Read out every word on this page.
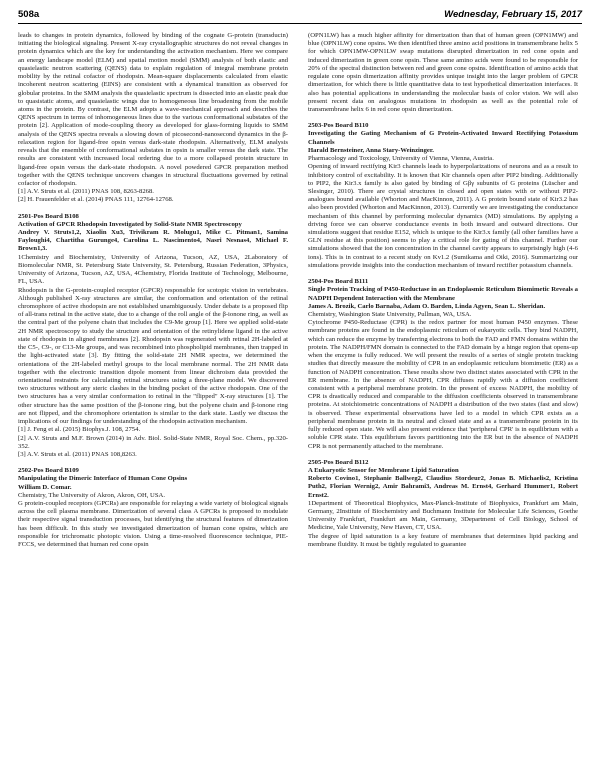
508a	Wednesday, February 15, 2017

leads to changes in protein dynamics, followed by binding of the cognate G-protein (transducin) initiating the biological signaling. Present X-ray crystallographic structures do not reveal changes in protein dynamics which are the key for understanding the activation mechanism. Here we compare an energy landscape model (ELM) and spatial motion model (SMM) analysis of both elastic and quasielastic neutron scattering (QENS) data to explain regulation of integral membrane protein mobility by the retinal cofactor of rhodopsin. Mean-square displacements calculated from elastic incoherent neutron scattering (EINS) are consistent with a dynamical transition as observed for globular proteins. In the SMM analysis the quasielastic spectrum is dissected into an elastic peak due to quasistatic atoms, and quasielastic wings due to homogeneous line broadening from the mobile atoms in the protein. By contrast, the ELM adopts a wave-mechanical approach and describes the QENS spectrum in terms of inhomogeneous lines due to the various conformational substates of the protein [2]. Application of mode-coupling theory as developed for glass-forming liquids to SMM analysis of the QENS spectra reveals a slowing down of picosecond-nanosecond dynamics in the β-relaxation region for ligand-free opsin versus dark-state rhodopsin. Alternatively, ELM analysis reveals that the ensemble of conformational substates in opsin is smaller versus the dark state. The results are consistent with increased local ordering due to a more collapsed protein structure in ligand-free opsin versus the dark-state rhodopsin. A novel powdered GPCR preparation method together with the QENS technique uncovers changes in structural fluctuations governed by retinal cofactor of rhodopsin.

[1] A.V. Struts et al. (2011) PNAS 108, 8263-8268.

[2] H. Frauenfelder et al. (2014) PNAS 111, 12764-12768.

2501-Pos Board B108

Activation of GPCR Rhodopsin Investigated by Solid-State NMR Spectroscopy

Andrey V. Struts1,2, Xiaolin Xu3, Trivikram R. Molugu1, Mike C. Pitman1, Samina Fayloughi4, Chartitha Gurunge4, Carolina L. Nascimento4, Nasri Nesnas4, Michael F. Brown1,3.

1Chemistry and Biochemistry, University of Arizona, Tucson, AZ, USA, 2Laboratory of Biomolecular NMR, St. Petersburg State University, St. Petersburg, Russian Federation, 3Physics, University of Arizona, Tucson, AZ, USA, 4Chemistry, Florida Institute of Technology, Melbourne, FL, USA.

Rhodopsin is the G-protein-coupled receptor (GPCR) responsible for scotopic vision in vertebrates. Although published X-ray structures are similar, the conformation and orientation of the retinal chromophore of active rhodopsin are not established unambiguously. Under debate is a proposed flip of all-trans retinal in the active state, due to a change of the roll angle of the β-ionone ring, as well as the central part of the polyene chain that includes the C9-Me group [1]. Here we applied solid-state 2H NMR spectroscopy to study the structure and orientation of the retinylidene ligand in the active state of rhodopsin in aligned membranes [2]. Rhodopsin was regenerated with retinal 2H-labeled at the C5-, C9-, or C13-Me groups, and was recombined into phospholipid membranes, then trapped in the light-activated state [3]. By fitting the solid-state 2H NMR spectra, we determined the orientations of the 2H-labeled methyl groups to the local membrane normal. The 2H NMR data together with the electronic transition dipole moment from linear dichroism data provided the orientational restraints for calculating retinal structures using a three-plane model. We discovered two structures without any steric clashes in the binding pocket of the active rhodopsin. One of the two structures has a very similar conformation to retinal in the "flipped" X-ray structures [1]. The other structure has the same position of the β-ionone ring, but the polyene chain and β-ionone ring are not flipped, and the chromophore orientation is similar to the dark state. Lastly we discuss the implications of our findings for understanding of the rhodopsin activation mechanism.

[1] J. Feng et al. (2015) Biophys.J. 108, 2754.

[2] A.V. Struts and M.F. Brown (2014) in Adv. Biol. Solid-State NMR, Royal Soc. Chem., pp.320-352.

[3] A.V. Struts et al. (2011) PNAS 108,8263.

2502-Pos Board B109

Manipulating the Dimeric Interface of Human Cone Opsins

William D. Comar.

Chemistry, The University of Akron, Akron, OH, USA.

G protein-coupled receptors (GPCRs) are responsible for relaying a wide variety of biological signals across the cell plasma membrane. Dimerization of several class A GPCRs is proposed to modulate their respective signal transduction processes, but identifying the structural features of dimerization has been difficult. In this study we investigated dimerization of human cone opsins, which are responsible for trichromatic photopic vision. Using a time-resolved fluorescence technique, PIE-FCCS, we determined that human red cone opsin

(OPN1LW) has a much higher affinity for dimerization than that of human green (OPN1MW) and blue (OPN1LW) cone opsins. We then identified three amino acid positions in transmembrane helix 5 for which OPN1MW-OPN1LW swap mutations disrupted dimerization in red cone opsin and induced dimerization in green cone opsin. These same amino acids were found to be responsible for 20% of the spectral distinction between red and green cone opsins. Identification of amino acids that regulate cone opsin dimerization affinity provides unique insight into the larger problem of GPCR dimerization, for which there is little quantitative data to test hypothetical dimerization interfaces. It also has potential applications in understanding the molecular basis of color vision. We will also present recent data on analogous mutations in rhodopsin as well as the potential role of transmembrane helix 6 in red cone opsin dimerization.

2503-Pos Board B110

Investigating the Gating Mechanism of G Protein-Activated Inward Rectifying Potassium Channels

Harald Bernsteiner, Anna Stary-Weinzinger.

Pharmacology and Toxicology, University of Vienna, Vienna, Austria.

Opening of inward rectifying Kir3 channels leads to hyperpolarizations of neurons and as a result to inhibitory control of excitability. It is known that Kir channels open after PIP2 binding. Additionally to PIP2, the Kir3.x family is also gated by binding of Gβγ subunits of G proteins (Lüscher and Slesinger, 2010). There are crystal structures in closed and open states with or without PIP2-analogues bound available (Whorton and MacKinnon, 2011). A G protein bound state of Kir3.2 has also been provided (Whorton and MacKinnon, 2013). Currently we are investigating the conductance mechanism of this channel by performing molecular dynamics (MD) simulations. By applying a driving force we can observe conductance events in both inward and outward directions. Our simulations suggest that residue E152, which is unique to the Kir3.x family (all other families have a GLN residue at this position) seems to play a critical role for gating of this channel. Further our simulations showed that the ion concentration in the channel cavity appears to surprisingly high (4-6 ions). This is in contrast to a recent study on Kv1.2 (Sumikama and Oiki, 2016). Summarizing our simulations provide insights into the conduction mechanism of inward rectifier potassium channels.

2504-Pos Board B111

Single Protein Tracking of P450-Reductase in an Endoplasmic Reticulum Biomimetic Reveals a NADPH Dependent Interaction with the Membrane

James A. Brozik, Carlo Barnaba, Adam O. Barden, Linda Agyen, Sean L. Sheridan.

Chemistry, Washington State University, Pullman, WA, USA.

Cytochrome P450-Reductase (CPR) is the redox partner for most human P450 enzymes. These membrane proteins are found in the endoplasmic reticulum of eukaryotic cells. They bind NADPH, which can reduce the enzyme by transferring electrons to both the FAD and FMN domains within the protein. The NADPH/FMN domain is connected to the FAD domain by a hinge region that opens-up when the enzyme is fully reduced. We will present the results of a series of single protein tracking studies that directly measure the mobility of CPR in an endoplasmic reticulum biomimetic (ER) as a function of NADPH concentration. These results show two distinct states associated with CPR in the ER membrane. In the absence of NADPH, CPR diffuses rapidly with a diffusion coefficient consistent with a peripheral membrane protein. In the present of excess NADPH, the mobility of CPR is drastically reduced and comparable to the diffusion coefficients observed in transmembrane proteins. At stoichiometric concentrations of NADPH a distribution of the two states (fast and slow) is observed. These experimental observations have led to a model in which CPR exists as a peripheral membrane protein in its neutral and closed state and as a transmembrane protein in its fully reduced open state. We will also present evidence that 'peripheral CPR' is in equilibrium with a soluble CPR state. This equilibrium favors partitioning into the ER but in the absence of NADPH CPR is not permanently attached to the membrane.

2505-Pos Board B112

A Eukaryotic Sensor for Membrane Lipid Saturation

Roberto Covino1, Stephanie Ballweg2, Claudius Stordeur2, Jonas B. Michaelis2, Kristina Puth2, Florian Wernig2, Amir Bahrami3, Andreas M. Ernst4, Gerhard Hummer1, Robert Ernst2.

1Department of Theoretical Biophysics, Max-Planck-Institute of Biophysics, Frankfurt am Main, Germany, 2Institute of Biochemistry and Buchmann Institute for Molecular Life Sciences, Goethe University Frankfurt, Frankfurt am Main, Germany, 3Department of Cell Biology, School of Medicine, Yale University, New Haven, CT, USA.

The degree of lipid saturation is a key feature of membranes that determines lipid packing and membrane fluidity. It must be tightly regulated to guarantee
